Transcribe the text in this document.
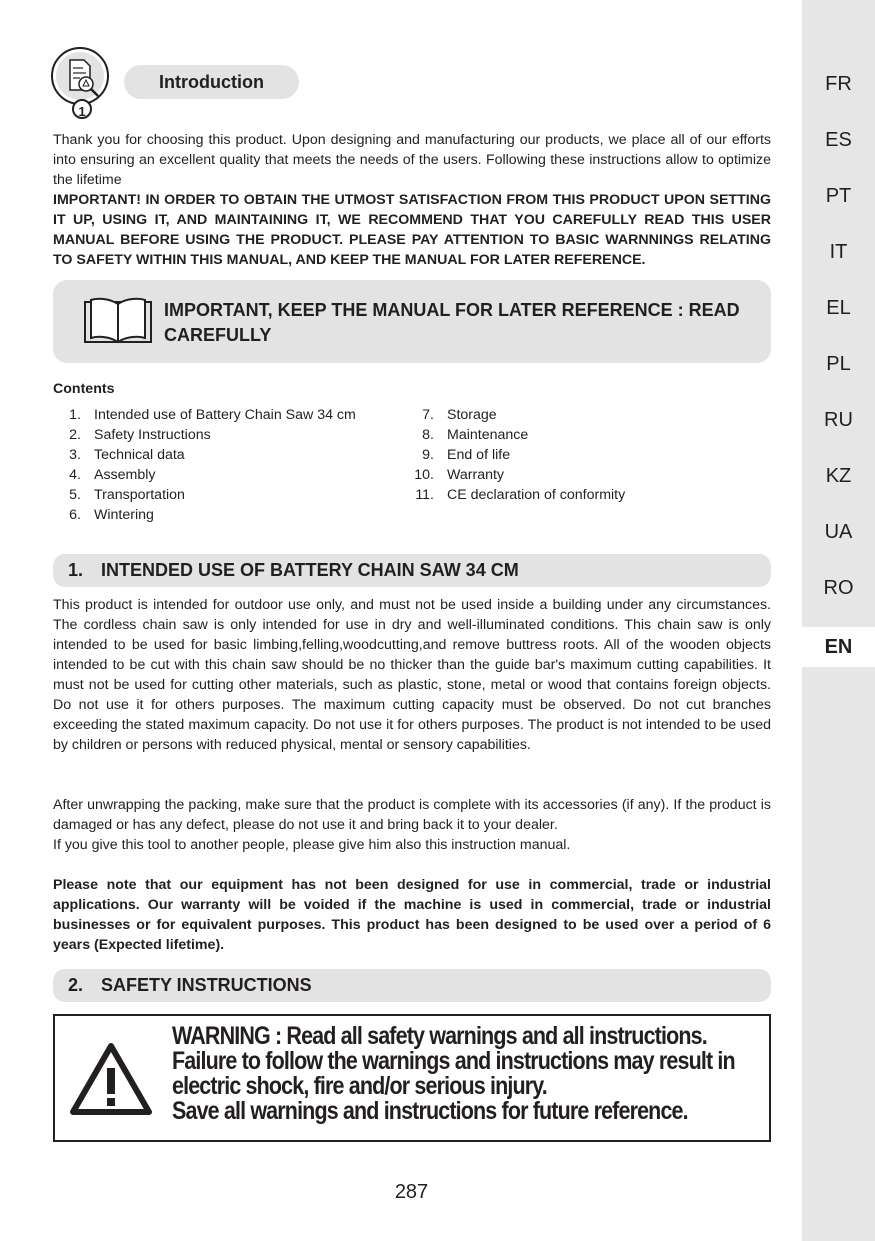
FR
ES
PT
IT
EL
PL
RU
KZ
UA
RO
EN
1
Introduction

Thank you for choosing this product. Upon designing and manufacturing our products, we place all of our efforts into ensuring an excellent quality that meets the needs of the users. Following these instructions allow to optimize the lifetime

IMPORTANT! IN ORDER TO OBTAIN THE UTMOST SATISFACTION FROM THIS PRODUCT UPON SETTING IT UP, USING IT, AND MAINTAINING IT, WE RECOMMEND THAT YOU CAREFULLY READ THIS USER MANUAL BEFORE USING THE PRODUCT. PLEASE PAY ATTENTION TO BASIC WARNNINGS RELATING TO SAFETY WITHIN THIS MANUAL, AND KEEP THE MANUAL FOR LATER REFERENCE.

IMPORTANT, KEEP THE MANUAL FOR LATER REFERENCE : READ CAREFULLY
Contents
1. Intended use of Battery Chain Saw 34 cm
2. Safety Instructions
3. Technical data
4. Assembly
5. Transportation
6. Wintering
7. Storage
8. Maintenance
9. End of life
10. Warranty
11. CE declaration of conformity
1. INTENDED USE OF BATTERY CHAIN SAW 34 CM

This product is intended for outdoor use only, and must not be used inside a building under any circumstances. The cordless chain saw is only intended for use in dry and well-illuminated conditions. This chain saw is only intended to be used for basic limbing,felling,woodcutting,and remove buttress roots. All of the wooden objects intended to be cut with this chain saw should be no thicker than the guide bar's maximum cutting capabilities. It must not be used for cutting other materials, such as plastic, stone, metal or wood that contains foreign objects. Do not use it for others purposes. The maximum cutting capacity must be observed. Do not cut branches exceeding the stated maximum capacity. Do not use it for others purposes. The product is not intended to be used by children or persons with reduced physical, mental or sensory capabilities.

After unwrapping the packing, make sure that the product is complete with its accessories (if any). If the product is damaged or has any defect, please do not use it and bring back it to your dealer.

If you give this tool to another people, please give him also this instruction manual.

Please note that our equipment has not been designed for use in commercial, trade or industrial applications. Our warranty will be voided if the machine is used in commercial, trade or industrial businesses or for equivalent purposes. This product has been designed to be used over a period of 6 years (Expected lifetime).

2. SAFETY INSTRUCTIONS
WARNING : Read all safety warnings and all instructions.
Failure to follow the warnings and instructions may result in
electric shock, fire and/or serious injury.
Save all warnings and instructions for future reference.
287
